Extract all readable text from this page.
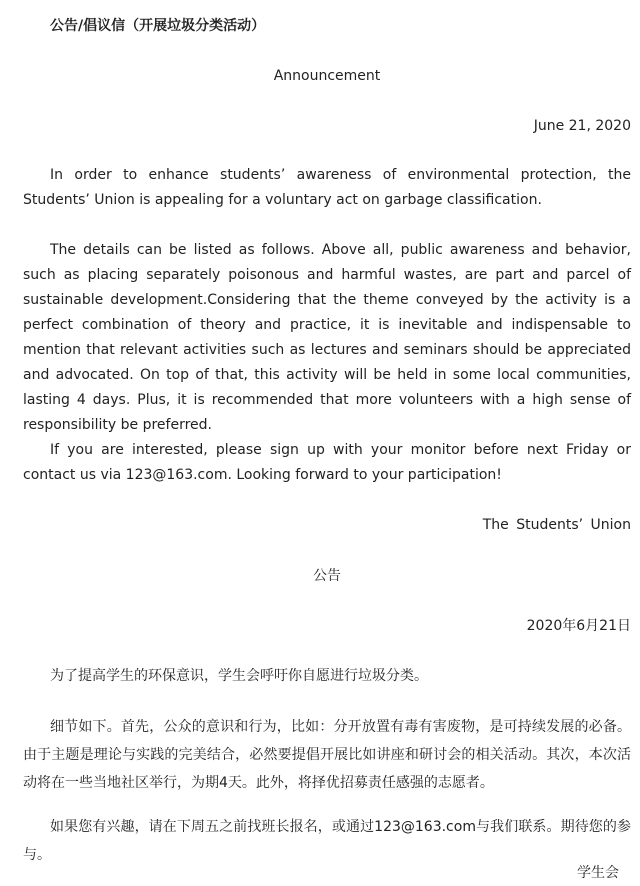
公告/倡议信（开展垃圾分类活动）
Announcement
June 21, 2020
In order to enhance students’ awareness of environmental protection, the Students’ Union is appealing for a voluntary act on garbage classification.
The details can be listed as follows. Above all, public awareness and behavior, such as placing separately poisonous and harmful wastes, are part and parcel of sustainable development.Considering that the theme conveyed by the activity is a perfect combination of theory and practice, it is inevitable and indispensable to mention that relevant activities such as lectures and seminars should be appreciated and advocated. On top of that, this activity will be held in some local communities, lasting 4 days. Plus, it is recommended that more volunteers with a high sense of responsibility be preferred.
If you are interested, please sign up with your monitor before next Friday or contact us via 123@163.com. Looking forward to your participation!
The Students’ Union
公告
2020年6月21日
为了提高学生的环保意识，学生会呼吁你自愿进行垃圾分类。
细节如下。首先，公众的意识和行为，比如：分开放置有毒有害废物，是可持续发展的必备。由于主题是理论与实践的完美结合，必然要提倡开展比如讲座和研讨会的相关活动。其次，本次活动将在一些当地社区举行，为期4天。此外，将择优招募责任感强的志愿者。
如果您有兴趣，请在下周五之前找班长报名，或通过123@163.com与我们联系。期待您的参与。
学生会
